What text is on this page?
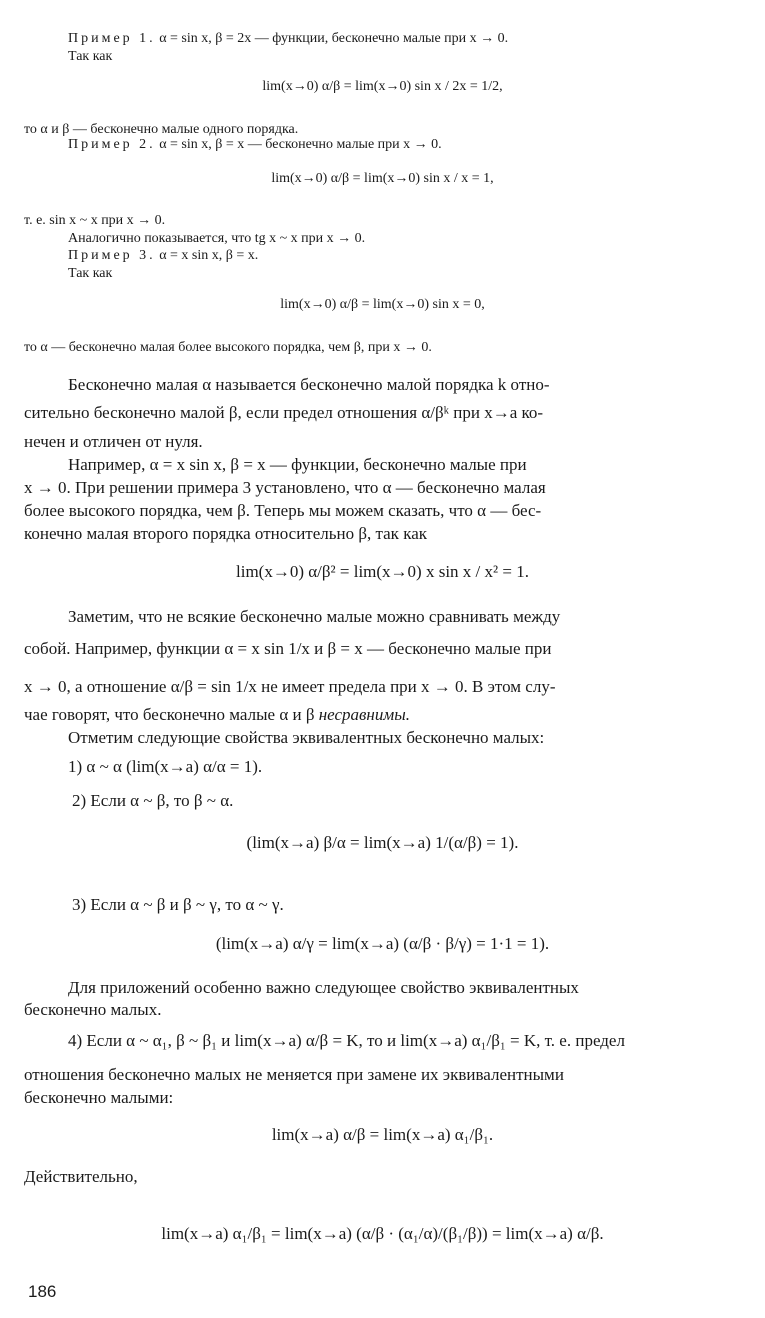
Пример 1. α = sin x, β = 2x — функции, бесконечно малые при x → 0.
Так как
lim(x→0) α/β = lim(x→0) sin x / 2x = 1/2,
то α и β — бесконечно малые одного порядка.
Пример 2. α = sin x, β = x — бесконечно малые при x → 0.
lim(x→0) α/β = lim(x→0) sin x / x = 1,
т. е. sin x ~ x при x → 0.
Аналогично показывается, что tg x ~ x при x → 0.
Пример 3. α = x sin x, β = x.
Так как
lim(x→0) α/β = lim(x→0) sin x = 0,
то α — бесконечно малая более высокого порядка, чем β, при x → 0.
Бесконечно малая α называется бесконечно малой порядка k отно-
сительно бесконечно малой β, если предел отношения α/βᵏ при x→a ко-
нечен и отличен от нуля.
Например, α = x sin x, β = x — функции, бесконечно малые при
x → 0. При решении примера 3 установлено, что α — бесконечно малая
более высокого порядка, чем β. Теперь мы можем сказать, что α — бес-
конечно малая второго порядка относительно β, так как
lim(x→0) α/β² = lim(x→0) x sin x / x² = 1.
Заметим, что не всякие бесконечно малые можно сравнивать между
собой. Например, функции α = x sin 1/x и β = x — бесконечно малые при
x → 0, а отношение α/β = sin 1/x не имеет предела при x → 0. В этом слу-
чае говорят, что бесконечно малые α и β несравнимы.
Отметим следующие свойства эквивалентных бесконечно малых:
1) α ~ α (lim(x→a) α/α = 1).
2) Если α ~ β, то β ~ α.
(lim(x→a) β/α = lim(x→a) 1/(α/β) = 1).
3) Если α ~ β и β ~ γ, то α ~ γ.
(lim(x→a) α/γ = lim(x→a) (α/β · β/γ) = 1·1 = 1).
Для приложений особенно важно следующее свойство эквивалентных
бесконечно малых.
4) Если α ~ α₁, β ~ β₁ и lim(x→a) α/β = K, то и lim(x→a) α₁/β₁ = K, т. е. предел
отношения бесконечно малых не меняется при замене их эквивалентными
бесконечно малыми:
lim(x→a) α/β = lim(x→a) α₁/β₁.
Действительно,
lim(x→a) α₁/β₁ = lim(x→a) (α/β · (α₁/α)/(β₁/β)) = lim(x→a) α/β.
186
